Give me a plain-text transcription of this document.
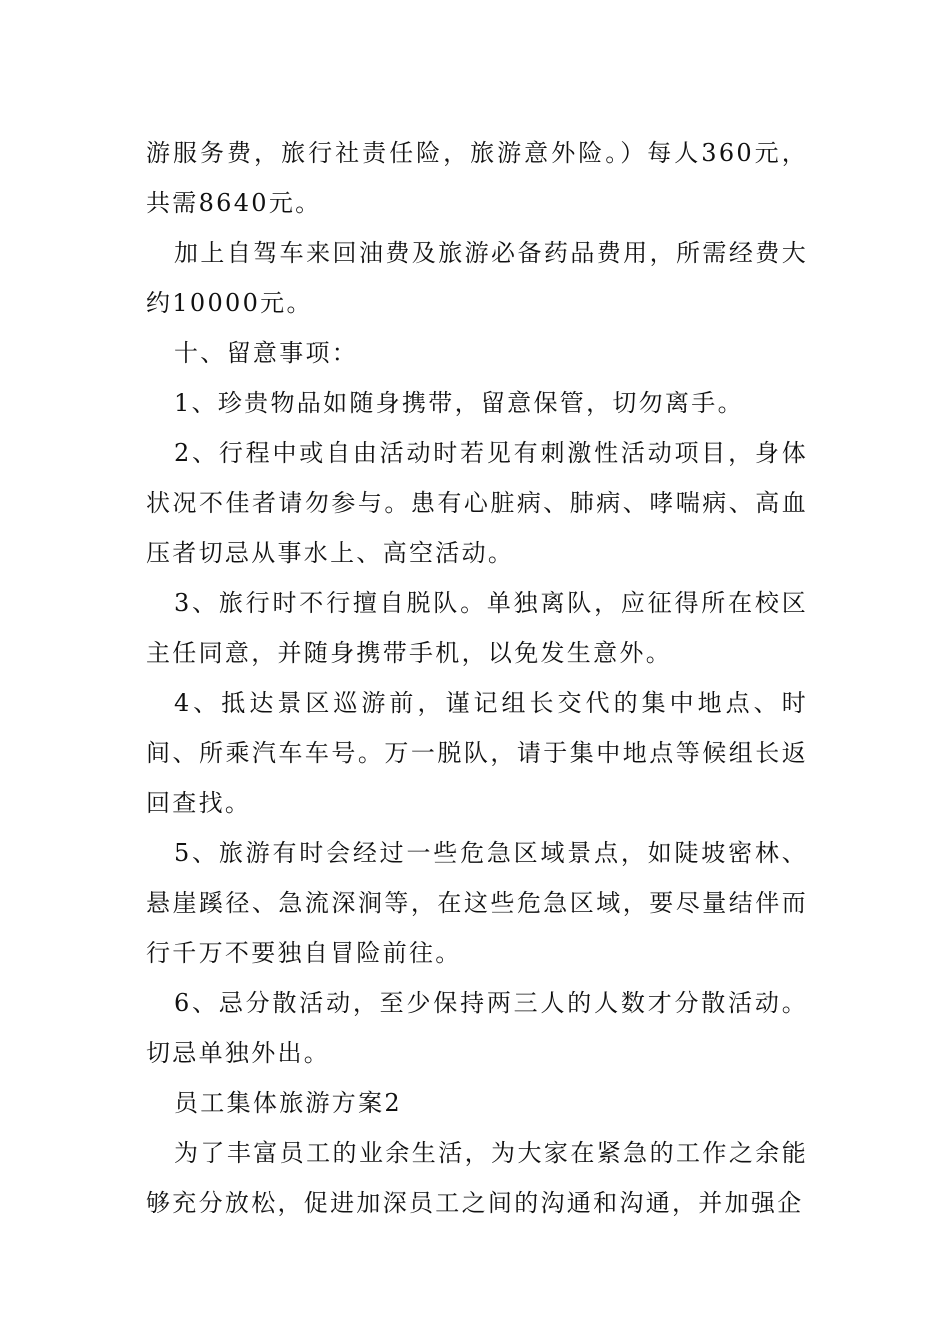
游服务费，旅行社责任险，旅游意外险。）每人360元，共需8640元。

加上自驾车来回油费及旅游必备药品费用，所需经费大约10000元。

十、留意事项：

1、珍贵物品如随身携带，留意保管，切勿离手。

2、行程中或自由活动时若见有刺激性活动项目，身体状况不佳者请勿参与。患有心脏病、肺病、哮喘病、高血压者切忌从事水上、高空活动。

3、旅行时不行擅自脱队。单独离队，应征得所在校区主任同意，并随身携带手机，以免发生意外。

4、抵达景区巡游前，谨记组长交代的集中地点、时间、所乘汽车车号。万一脱队，请于集中地点等候组长返回查找。

5、旅游有时会经过一些危急区域景点，如陡坡密林、悬崖蹊径、急流深涧等，在这些危急区域，要尽量结伴而行千万不要独自冒险前往。

6、忌分散活动，至少保持两三人的人数才分散活动。切忌单独外出。

员工集体旅游方案2

为了丰富员工的业余生活，为大家在紧急的工作之余能够充分放松，促进加深员工之间的沟通和沟通，并加强企
